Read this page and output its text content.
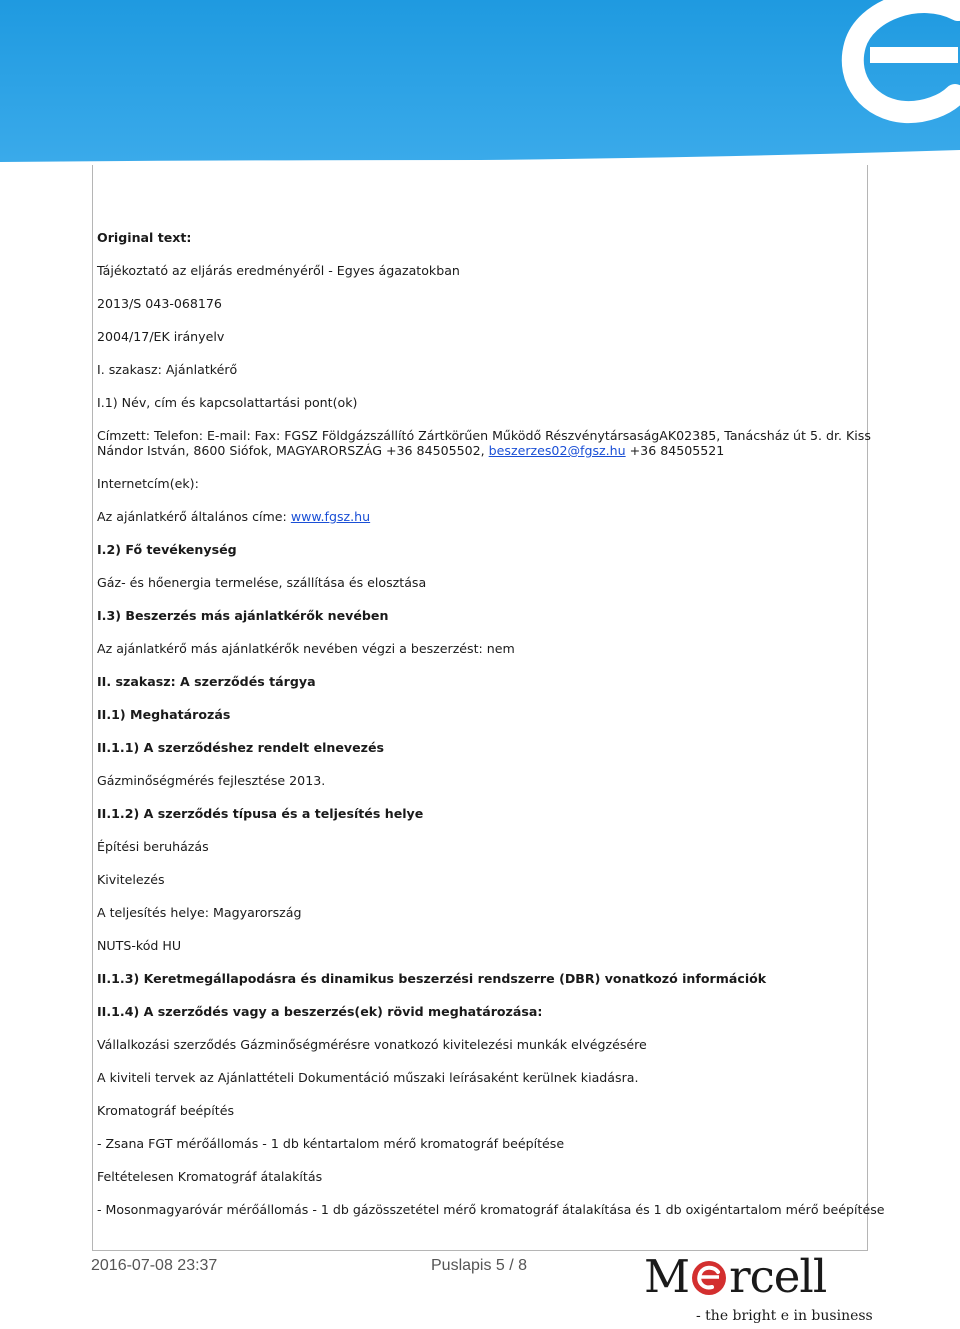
Original text:
Tájékoztató az eljárás eredményéről - Egyes ágazatokban
2013/S 043-068176
2004/17/EK irányelv
I. szakasz: Ajánlatkérő
I.1) Név, cím és kapcsolattartási pont(ok)
Címzett: Telefon: E-mail: Fax: FGSZ Földgázszállító Zártkörűen Működő RészvénytársaságAK02385, Tanácsház út 5. dr. Kiss
Nándor István, 8600 Siófok, MAGYARORSZÁG +36 84505502, beszerzes02@fgsz.hu +36 84505521
Internetcím(ek):
Az ajánlatkérő általános címe: www.fgsz.hu
I.2) Fő tevékenység
Gáz- és hőenergia termelése, szállítása és elosztása
I.3) Beszerzés más ajánlatkérők nevében
Az ajánlatkérő más ajánlatkérők nevében végzi a beszerzést: nem
II. szakasz: A szerződés tárgya
II.1) Meghatározás
II.1.1) A szerződéshez rendelt elnevezés
Gázminőségmérés fejlesztése 2013.
II.1.2) A szerződés típusa és a teljesítés helye
Építési beruházás
Kivitelezés
A teljesítés helye: Magyarország
NUTS-kód HU
II.1.3) Keretmegállapodásra és dinamikus beszerzési rendszerre (DBR) vonatkozó információk
II.1.4) A szerződés vagy a beszerzés(ek) rövid meghatározása:
Vállalkozási szerződés Gázminőségmérésre vonatkozó kivitelezési munkák elvégzésére
A kiviteli tervek az Ajánlattételi Dokumentáció műszaki leírásaként kerülnek kiadásra.
Kromatográf beépítés
- Zsana FGT mérőállomás - 1 db kéntartalom mérő kromatográf beépítése
Feltételesen Kromatográf átalakítás
- Mosonmagyaróvár mérőállomás - 1 db gázösszetétel mérő kromatográf átalakítása és 1 db oxigéntartalom mérő beépítése
2016-07-08 23:37	Puslapis 5 / 8	M rcell
- the bright e in business
